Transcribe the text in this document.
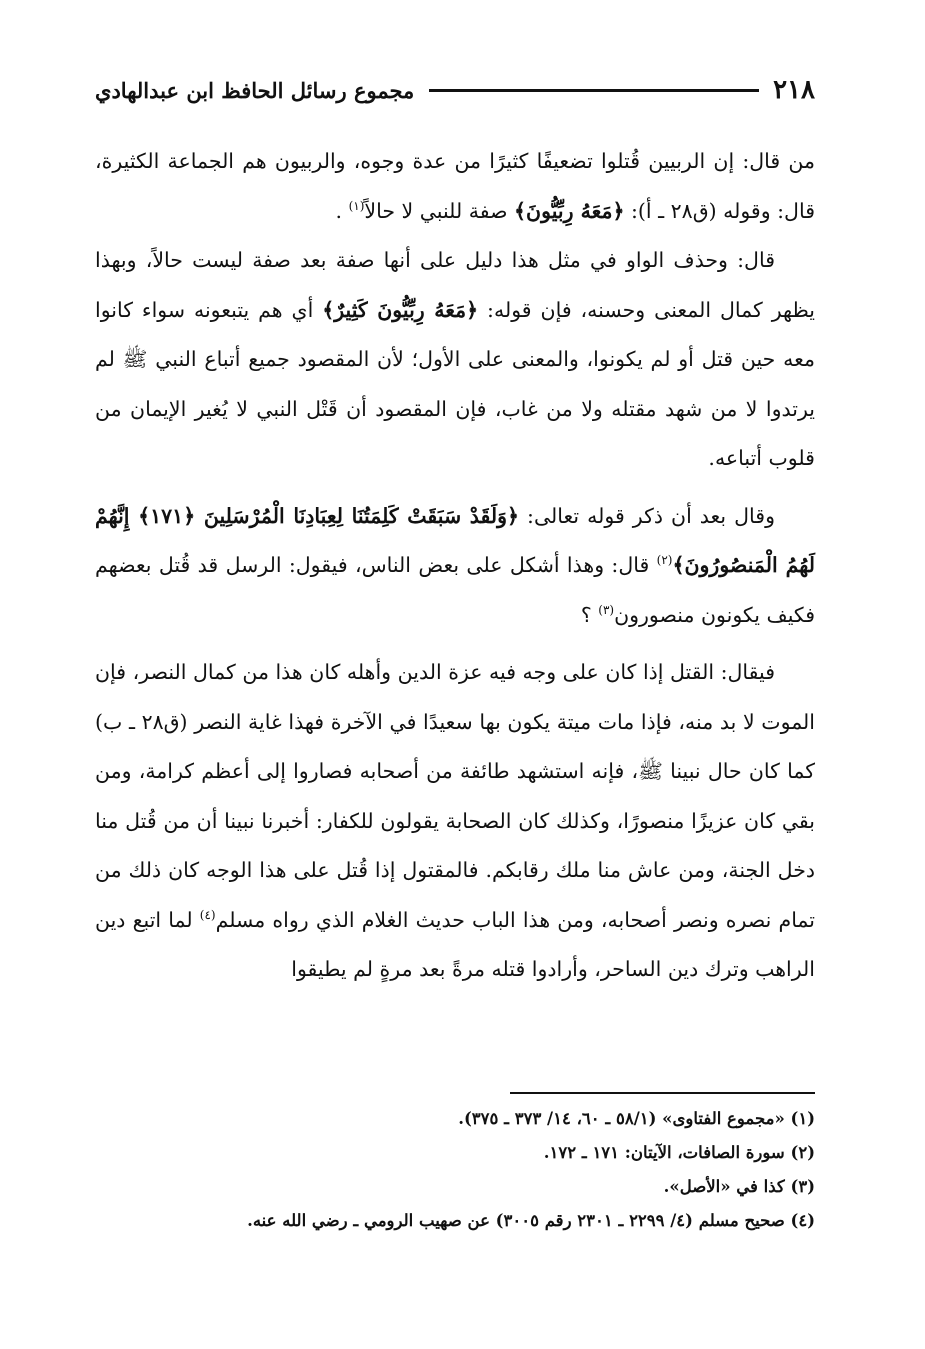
٢١٨
مجموع رسائل الحافظ ابن عبدالهادي

من قال: إن الربيين قُتلوا تضعيفًا كثيرًا من عدة وجوه، والربيون هم الجماعة الكثيرة، قال: وقوله (ق٢٨ ـ أ): ﴿مَعَهُ رِبِّيُّونَ﴾ صفة للنبي لا حالاً$^{(١)}$ .

قال: وحذف الواو في مثل هذا دليل على أنها صفة بعد صفة ليست حالاً، وبهذا يظهر كمال المعنى وحسنه، فإن قوله: ﴿مَعَهُ رِبِّيُّونَ كَثِيرٌ﴾ أي هم يتبعونه سواء كانوا معه حين قتل أو لم يكونوا، والمعنى على الأول؛ لأن المقصود جميع أتباع النبي ﷺ لم يرتدوا لا من شهد مقتله ولا من غاب، فإن المقصود أن قَتْل النبي لا يُغير الإيمان من قلوب أتباعه.

وقال بعد أن ذكر قوله تعالى: ﴿وَلَقَدْ سَبَقَتْ كَلِمَتُنَا لِعِبَادِنَا الْمُرْسَلِينَ ﴿١٧١﴾ إِنَّهُمْ لَهُمُ الْمَنصُورُونَ﴾$^{(٢)}$ قال: وهذا أشكل على بعض الناس، فيقول: الرسل قد قُتل بعضهم فكيف يكونون منصورون$^{(٣)}$ ؟

فيقال: القتل إذا كان على وجه فيه عزة الدين وأهله كان هذا من كمال النصر، فإن الموت لا بد منه، فإذا مات ميتة يكون بها سعيدًا في الآخرة فهذا غاية النصر (ق٢٨ ـ ب) كما كان حال نبينا ﷺ، فإنه استشهد طائفة من أصحابه فصاروا إلى أعظم كرامة، ومن بقي كان عزيزًا منصورًا، وكذلك كان الصحابة يقولون للكفار: أخبرنا نبينا أن من قُتل منا دخل الجنة، ومن عاش منا ملك رقابكم. فالمقتول إذا قُتل على هذا الوجه كان ذلك من تمام نصره ونصر أصحابه، ومن هذا الباب حديث الغلام الذي رواه مسلم$^{(٤)}$ لما اتبع دين الراهب وترك دين الساحر، وأرادوا قتله مرةً بعد مرةٍ لم يطيقوا

(١) «مجموع الفتاوى» (٥٨/١ ـ ٦٠، ١٤/ ٣٧٣ ـ ٣٧٥).
(٢) سورة الصافات، الآيتان: ١٧١ ـ ١٧٢.
(٣) كذا في «الأصل».
(٤) صحيح مسلم (٤/ ٢٢٩٩ ـ ٢٣٠١ رقم ٣٠٠٥) عن صهيب الرومي ـ رضي الله عنه.
